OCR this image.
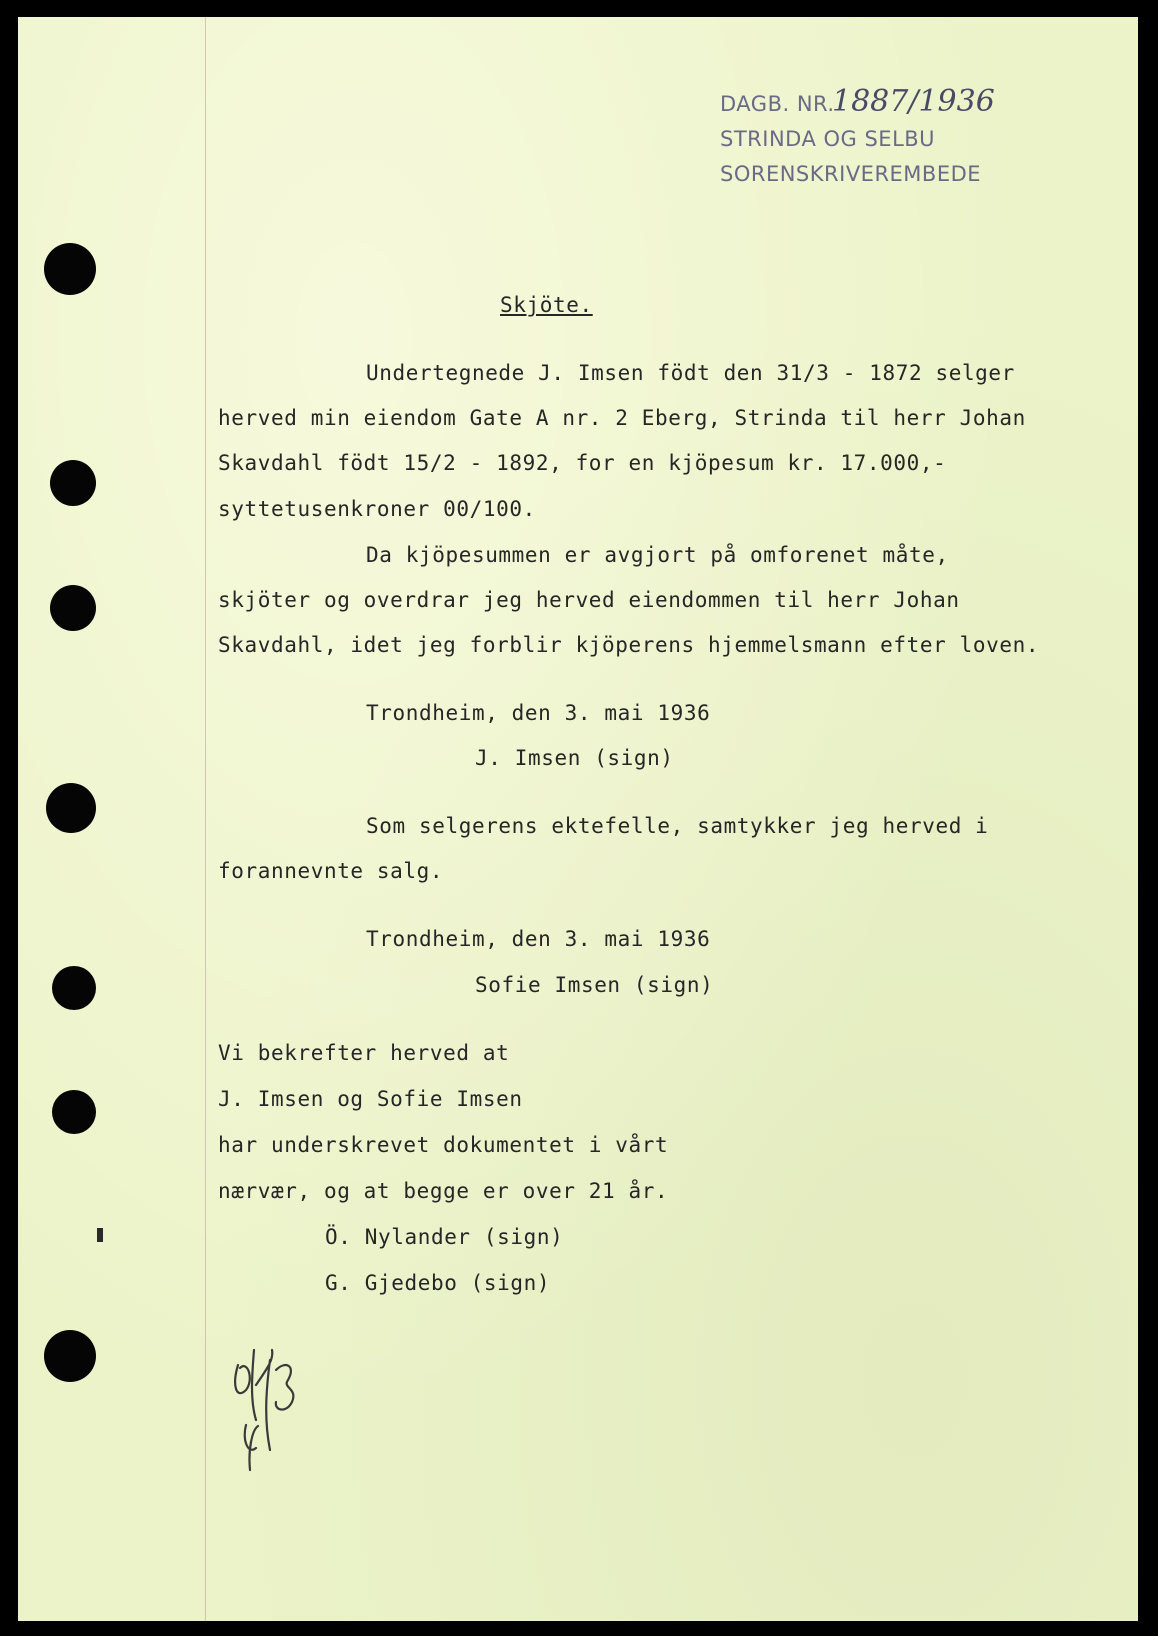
DAGB. NR.
1887/1936
STRINDA OG SELBU
SORENSKRIVEREMBEDE
Skjöte.
Undertegnede J. Imsen födt den 31/3 - 1872 selger
herved min eiendom Gate A nr. 2 Eberg, Strinda til herr Johan
Skavdahl födt 15/2 - 1892, for en kjöpesum kr. 17.000,-
syttetusenkroner 00/100.
Da kjöpesummen er avgjort på omforenet måte,
skjöter og overdrar jeg herved eiendommen til herr Johan
Skavdahl, idet jeg forblir kjöperens hjemmelsmann efter loven.
Trondheim, den 3. mai 1936
J. Imsen (sign)
Som selgerens ektefelle, samtykker jeg herved i
forannevnte salg.
Trondheim, den 3. mai 1936
Sofie Imsen (sign)
Vi bekrefter herved at
J. Imsen og Sofie Imsen
har underskrevet dokumentet i vårt
nærvær, og at begge er over 21 år.
Ö. Nylander (sign)
G. Gjedebo (sign)
